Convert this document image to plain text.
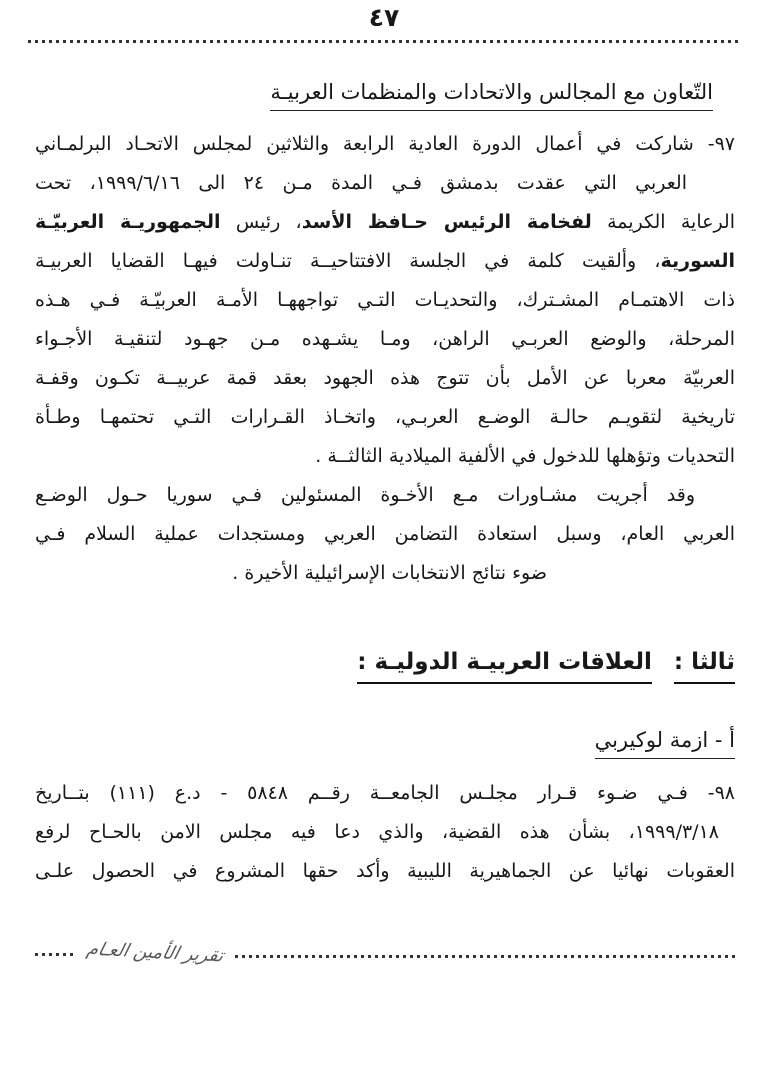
٤٧
التّعاون مع المجالس والاتحادات والمنظمات العربيـة
٩٧- شاركت في أعمال الدورة العادية الرابعة والثلاثين لمجلس الاتحـاد البرلمـاني
العربي التي عقدت بدمشق فـي المدة مـن ٢٤ الى ١٩٩٩/٦/١٦، تحت
الرعاية الكريمة لفخامة الرئيس حـافظ الأسد، رئيس الجمهوريـة العربيّـة
السورية، وألقيت كلمة في الجلسة الافتتاحيــة تنـاولت فيهـا القضايا العربيـة
ذات الاهتمـام المشـترك، والتحديـات التـي تواجههـا الأمـة العربيّـة فـي هـذه
المرحلة، والوضع العربـي الراهن، ومـا يشـهده مـن جهـود لتنقيـة الأجـواء
العربيّة معربا عن الأمل بأن تتوج هذه الجهود بعقد قمة عربيــة تكـون وقفـة
تاريخية لتقويـم حالـة الوضـع العربـي، واتخـاذ القـرارات التـي تحتمهـا وطـأة
التحديات وتؤهلها للدخول في الألفية الميلادية الثالثــة .
وقد أجريت مشـاورات مـع الأخـوة المسئولين فـي سوريا حـول الوضـع
العربي العام، وسبل استعادة التضامن العربي ومستجدات عملية السلام فـي
ضوء نتائج الانتخابات الإسرائيلية الأخيرة .
ثالثا : العلاقات العربيـة الدوليـة :
أ - ازمة لوكيربي
٩٨- فـي ضـوء قـرار مجلـس الجامعــة رقــم ٥٨٤٨ - د.ع (١١١) بتــاريخ
١٩٩٩/٣/١٨، بشأن هذه القضية، والذي دعا فيه مجلس الامن بالحـاح لرفع
العقوبات نهائيا عن الجماهيرية الليبية وأكد حقها المشروع في الحصول علـى
تقرير الأمين العـام
